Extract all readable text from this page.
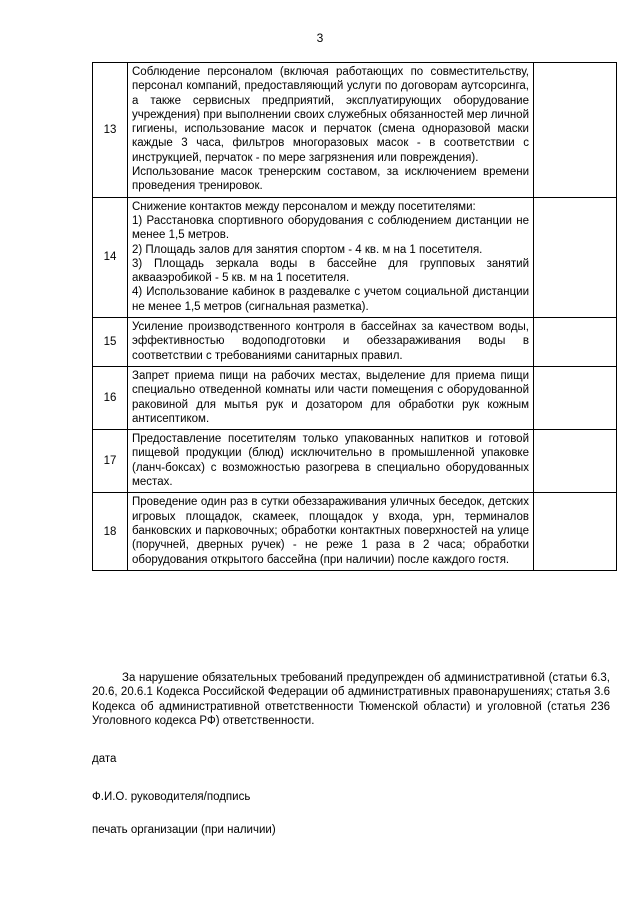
3
13	Соблюдение персоналом (включая работающих по совместительству, персонал компаний, предоставляющий услуги по договорам аутсорсинга, а также сервисных предприятий, эксплуатирующих оборудование учреждения) при выполнении своих служебных обязанностей мер личной гигиены, использование масок и перчаток (смена одноразовой маски каждые 3 часа, фильтров многоразовых масок - в соответствии с инструкцией, перчаток - по мере загрязнения или повреждения).
Использование масок тренерским составом, за исключением времени проведения тренировок.	

14	Снижение контактов между персоналом и между посетителями:
1) Расстановка спортивного оборудования с соблюдением дистанции не менее 1,5 метров.
2) Площадь залов для занятия спортом - 4 кв. м на 1 посетителя.
3) Площадь зеркала воды в бассейне для групповых занятий аквааэробикой - 5 кв. м на 1 посетителя.
4) Использование кабинок в раздевалке с учетом социальной дистанции не менее 1,5 метров (сигнальная разметка).	

15	Усиление производственного контроля в бассейнах за качеством воды, эффективностью водоподготовки и обеззараживания воды в соответствии с требованиями санитарных правил.	

16	Запрет приема пищи на рабочих местах, выделение для приема пищи специально отведенной комнаты или части помещения с оборудованной раковиной для мытья рук и дозатором для обработки рук кожным антисептиком.	

17	Предоставление посетителям только упакованных напитков и готовой пищевой продукции (блюд) исключительно в промышленной упаковке (ланч-боксах) с возможностью разогрева в специально оборудованных местах.	

18	Проведение один раз в сутки обеззараживания уличных беседок, детских игровых площадок, скамеек, площадок у входа, урн, терминалов банковских и парковочных; обработки контактных поверхностей на улице (поручней, дверных ручек) - не реже 1 раза в 2 часа; обработки оборудования открытого бассейна (при наличии) после каждого гостя.	

За нарушение обязательных требований предупрежден об административной (статьи 6.3, 20.6, 20.6.1 Кодекса Российской Федерации об административных правонарушениях; статья 3.6 Кодекса об административной ответственности Тюменской области) и уголовной (статья 236 Уголовного кодекса РФ) ответственности.
дата
Ф.И.О. руководителя/подпись
печать организации (при наличии)
